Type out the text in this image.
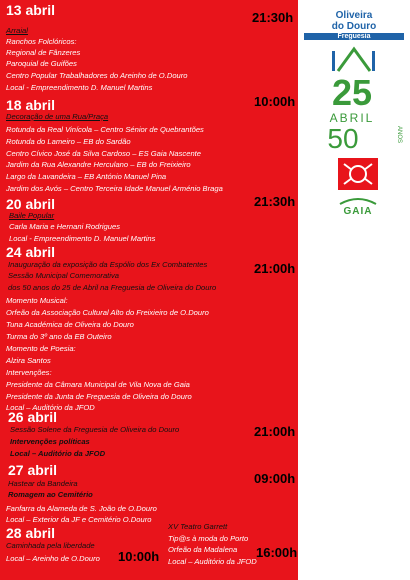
13 abril	21:30h
Arraial
Ranchos Folclóricos:
Regional de Fânzeres
Paroquial de Guifões
Centro Popular Trabalhadores do Areinho de O.Douro
Local - Empreendimento D. Manuel Martins
18 abril	10:00h
Decoração de uma Rua/Praça
Rotunda da Real Vinícola – Centro Sénior de Quebrantões
Rotunda do Lameiro – EB do Sardão
Centro Cívico José da Silva Cardoso – ES Gaia Nascente
Jardim da Rua Alexandre Herculano – EB do Freixieiro
Largo da Lavandeira – EB António Manuel Pina
Jardim dos Avós – Centro Terceira Idade Manuel Arménio Braga
20 abril	21:30h
Baile Popular
Carla Maria e Hernani Rodrigues
Local - Empreendimento D. Manuel Martins
24 abril
21:00h
Inauguração da exposição da Espólio dos Ex Combatentes
Sessão Municipal Comemorativa
dos 50 anos do 25 de Abril na Freguesia de Oliveira do Douro
Momento Musical:
Orfeão da Associação Cultural Alto do Freixieiro de O.Douro
Tuna Académica de Oliveira do Douro
Turma do 3º ano da EB Outeiro
Momento de Poesia:
Alzira Santos
Intervenções:
Presidente da Câmara Municipal de Vila Nova de Gaia
Presidente da Junta de Freguesia de Oliveira do Douro
Local – Auditório da JFOD
26 abril
21:00h
Sessão Solene da Freguesia de Oliveira do Douro
Intervenções políticas
Local – Auditório da JFOD
27 abril
09:00h
Hastear da Bandeira
Romagem ao Cemitério
Fanfarra da Alameda de S. João de O.Douro
Local – Exterior da JF e Cemitério O.Douro
28 abril
Caminhada pela liberdade
10:00h
Local – Areinho de O.Douro
XV Teatro Garrett
Tip@s à moda do Porto
Orfeão da Madalena
Local – Auditório da JFOD
16:00h
Oliveira
do Douro
Freguesia
25
ABRIL
50	ANOS
GAIA
